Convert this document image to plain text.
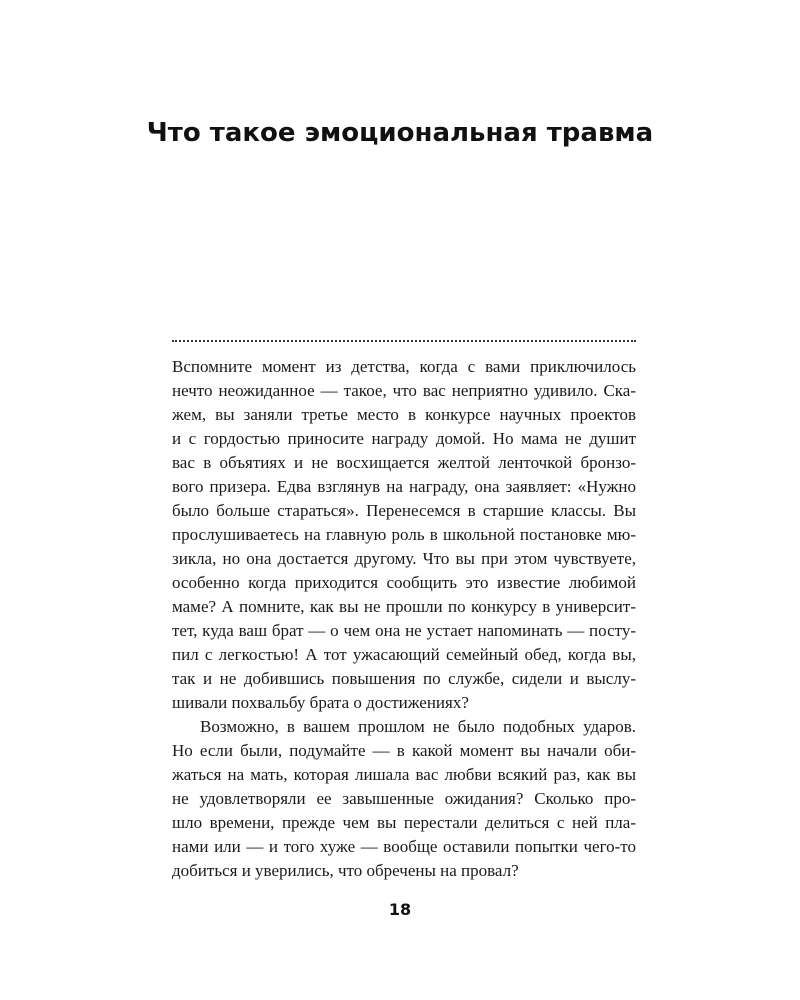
Что такое эмоциональная травма
Вспомните момент из детства, когда с вами приключилось
нечто неожиданное — такое, что вас неприятно удивило. Ска-
жем, вы заняли третье место в конкурсе научных проектов
и с гордостью приносите награду домой. Но мама не душит
вас в объятиях и не восхищается желтой ленточкой бронзо-
вого призера. Едва взглянув на награду, она заявляет: «Нужно
было больше стараться». Перенесемся в старшие классы. Вы
прослушиваетесь на главную роль в школьной постановке мю-
зикла, но она достается другому. Что вы при этом чувствуете,
особенно когда приходится сообщить это известие любимой
маме? А помните, как вы не прошли по конкурсу в университ-
тет, куда ваш брат — о чем она не устает напоминать — посту-
пил с легкостью! А тот ужасающий семейный обед, когда вы,
так и не добившись повышения по службе, сидели и выслу-
шивали похвальбу брата о достижениях?
Возможно, в вашем прошлом не было подобных ударов.
Но если были, подумайте — в какой момент вы начали оби-
жаться на мать, которая лишала вас любви всякий раз, как вы
не удовлетворяли ее завышенные ожидания? Сколько про-
шло времени, прежде чем вы перестали делиться с ней пла-
нами или — и того хуже — вообще оставили попытки чего-то
добиться и уверились, что обречены на провал?
18
